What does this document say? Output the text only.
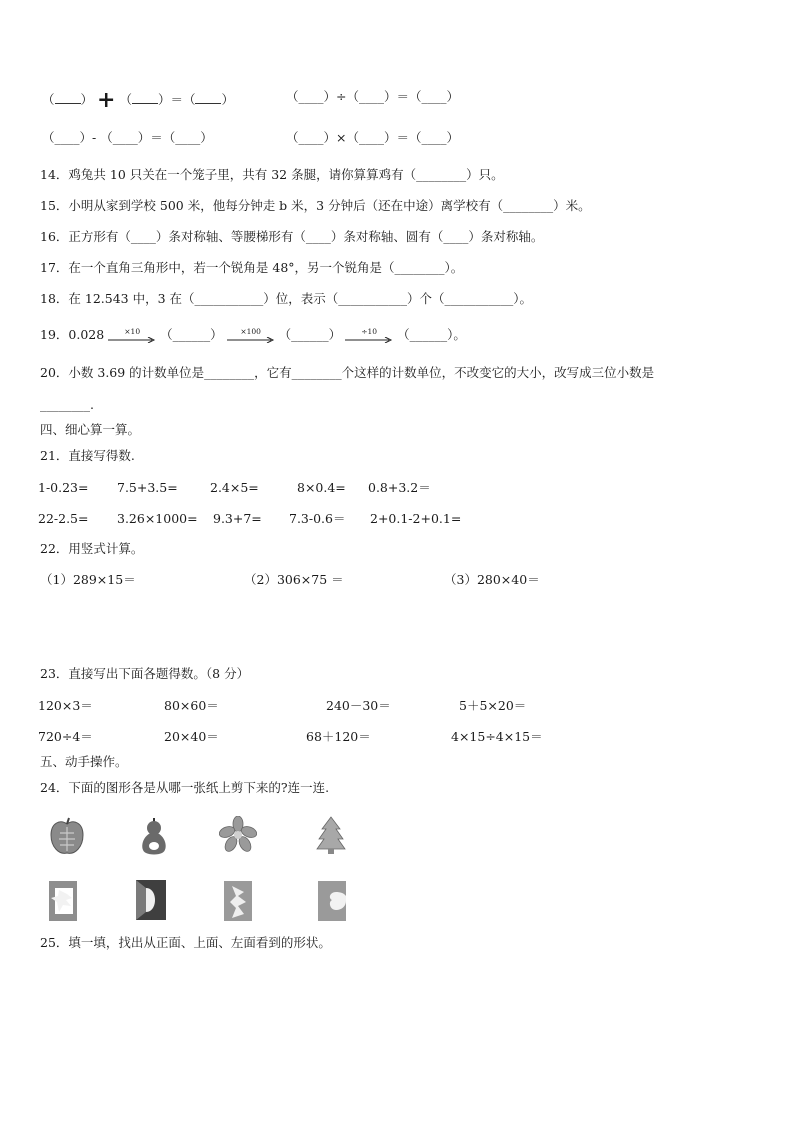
（ ） + （ ）＝（ ）	（____）÷（____）＝（____）
（____）- （____）＝（____）	（____）×（____）＝（____）
14．鸡兔共 10 只关在一个笼子里，共有 32 条腿，请你算算鸡有（________）只。
15．小明从家到学校 500 米，他每分钟走 b 米，3 分钟后（还在中途）离学校有（________）米。
16．正方形有（____）条对称轴、等腰梯形有（____）条对称轴、圆有（____）条对称轴。
17．在一个直角三角形中，若一个锐角是 48°，另一个锐角是（________）。
18．在 12.543 中，3 在（___________）位，表示（___________）个（___________）。
19．0.028	×10	（______）	×100	（______）	÷10	（______）。
20．小数 3.69 的计数单位是________，它有________个这样的计数单位，不改变它的大小，改写成三位小数是
________.
四、细心算一算。
21．直接写得数.
1-0.23= 7.5+3.5=	2.4×5=	8×0.4= 0.8+3.2＝
22-2.5= 3.26×1000= 9.3+7= 7.3-0.6＝ 2+0.1-2+0.1=
22．用竖式计算。
（1）289×15＝	（2）306×75 ＝	（3）280×40＝
23．直接写出下面各题得数。（8 分）
120×3＝	80×60＝	240－30＝	5＋5×20＝
720÷4＝	20×40＝	68＋120＝	4×15÷4×15＝
五、动手操作。
24．下面的图形各是从哪一张纸上剪下来的?连一连.
25．填一填，找出从正面、上面、左面看到的形状。
